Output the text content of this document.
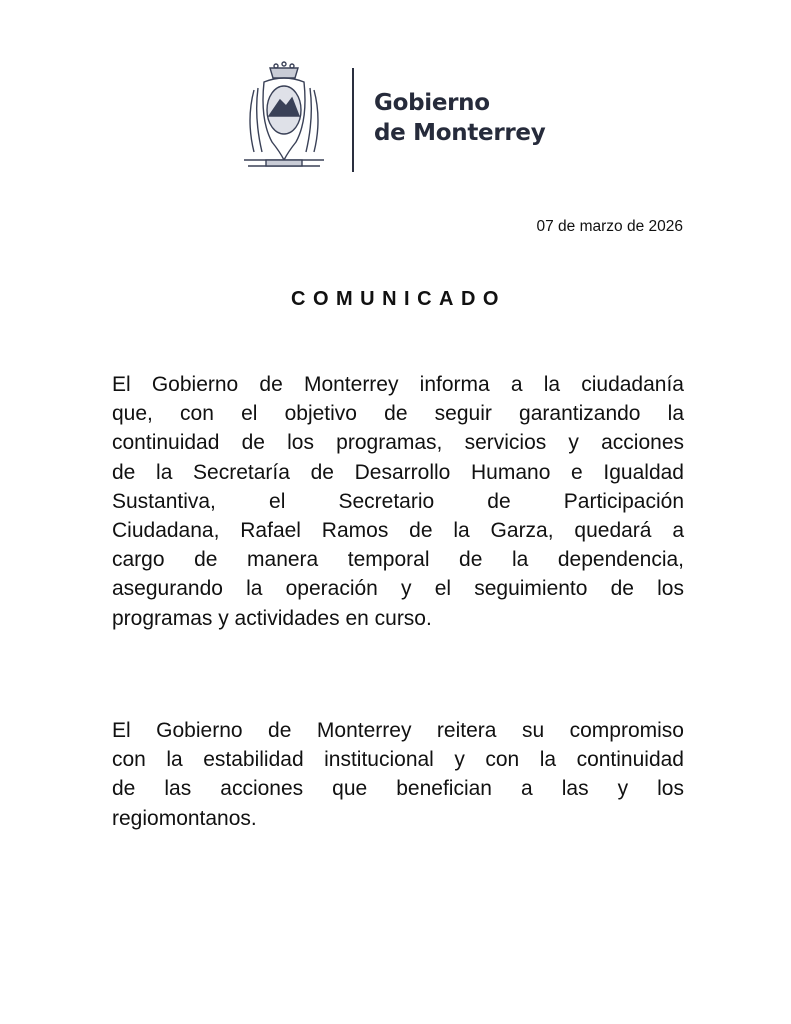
Gobierno
de Monterrey
07 de marzo de 2026
COMUNICADO
El Gobierno de Monterrey informa a la ciudadanía
que, con el objetivo de seguir garantizando la
continuidad de los programas, servicios y acciones
de la Secretaría de Desarrollo Humano e Igualdad
Sustantiva, el Secretario de Participación
Ciudadana, Rafael Ramos de la Garza, quedará a
cargo de manera temporal de la dependencia,
asegurando la operación y el seguimiento de los
programas y actividades en curso.
El Gobierno de Monterrey reitera su compromiso
con la estabilidad institucional y con la continuidad
de las acciones que benefician a las y los
regiomontanos.
